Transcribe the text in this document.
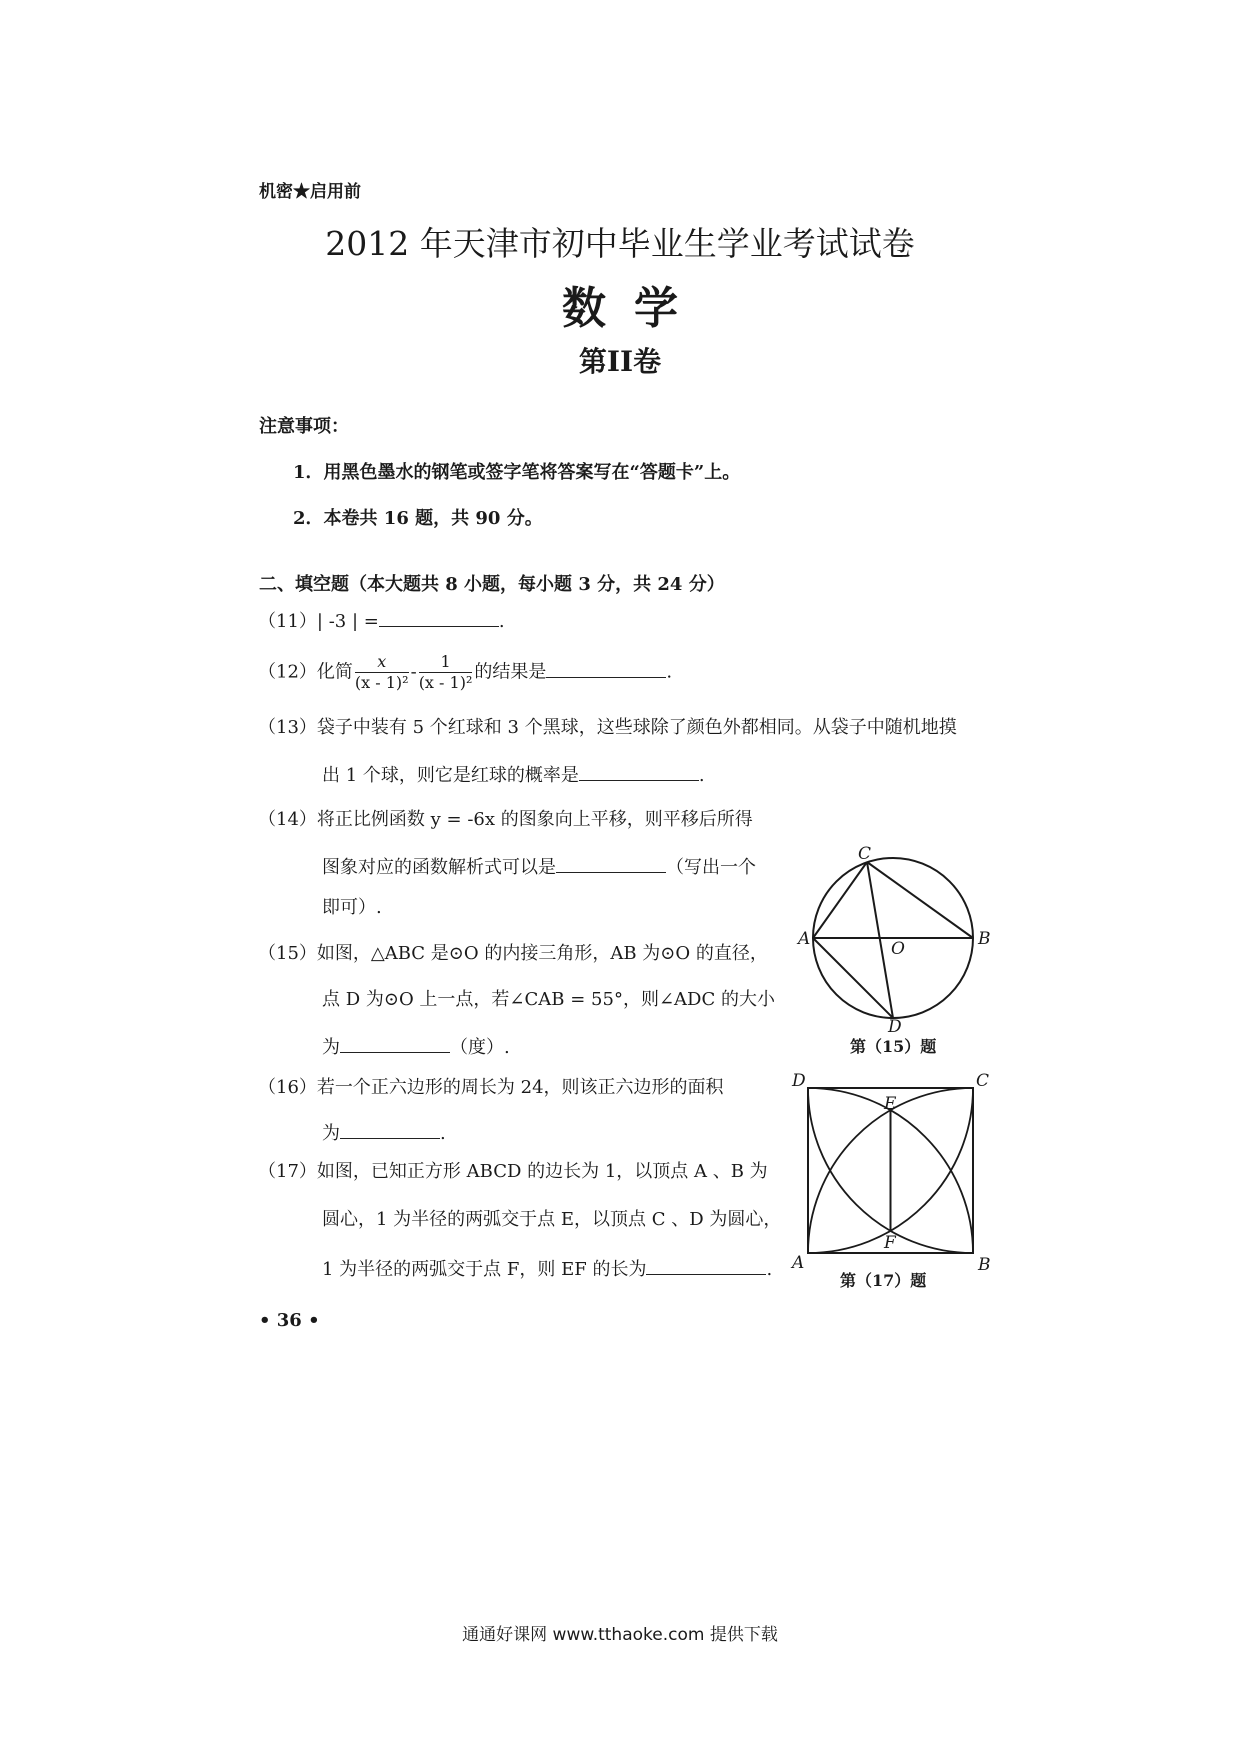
机密★启用前
2012 年天津市初中毕业生学业考试试卷
数学
第II卷
注意事项：
1．用黑色墨水的钢笔或签字笔将答案写在“答题卡”上。
2．本卷共 16 题，共 90 分。
二、填空题（本大题共 8 小题，每小题 3 分，共 24 分）
（11）| -3 | =	.
（12）化简 $\frac{x}{\text{(x - 1)²}} - \frac{1}{\text{(x - 1)²}}$ 的结果是	.
（13）袋子中装有 5 个红球和 3 个黑球，这些球除了颜色外都相同。从袋子中随机地摸
出 1 个球，则它是红球的概率是	.
（14）将正比例函数 y = -6x 的图象向上平移，则平移后所得
图象对应的函数解析式可以是	（写出一个
即可）.
（15）如图，△ABC 是⊙O 的内接三角形，AB 为⊙O 的直径，
点 D 为⊙O 上一点，若∠CAB = 55°，则∠ADC 的大小
为	（度）.
（16）若一个正六边形的周长为 24，则该正六边形的面积
为	.
（17）如图，已知正方形 ABCD 的边长为 1，以顶点 A 、B 为
圆心，1 为半径的两弧交于点 E，以顶点 C 、D 为圆心，
1 为半径的两弧交于点 F，则 EF 的长为	.
C
A	B
D
O
第（15）题
D	C
A	B
E
F
第（17）题
• 36 •
通通好课网 www.tthaoke.com 提供下载
